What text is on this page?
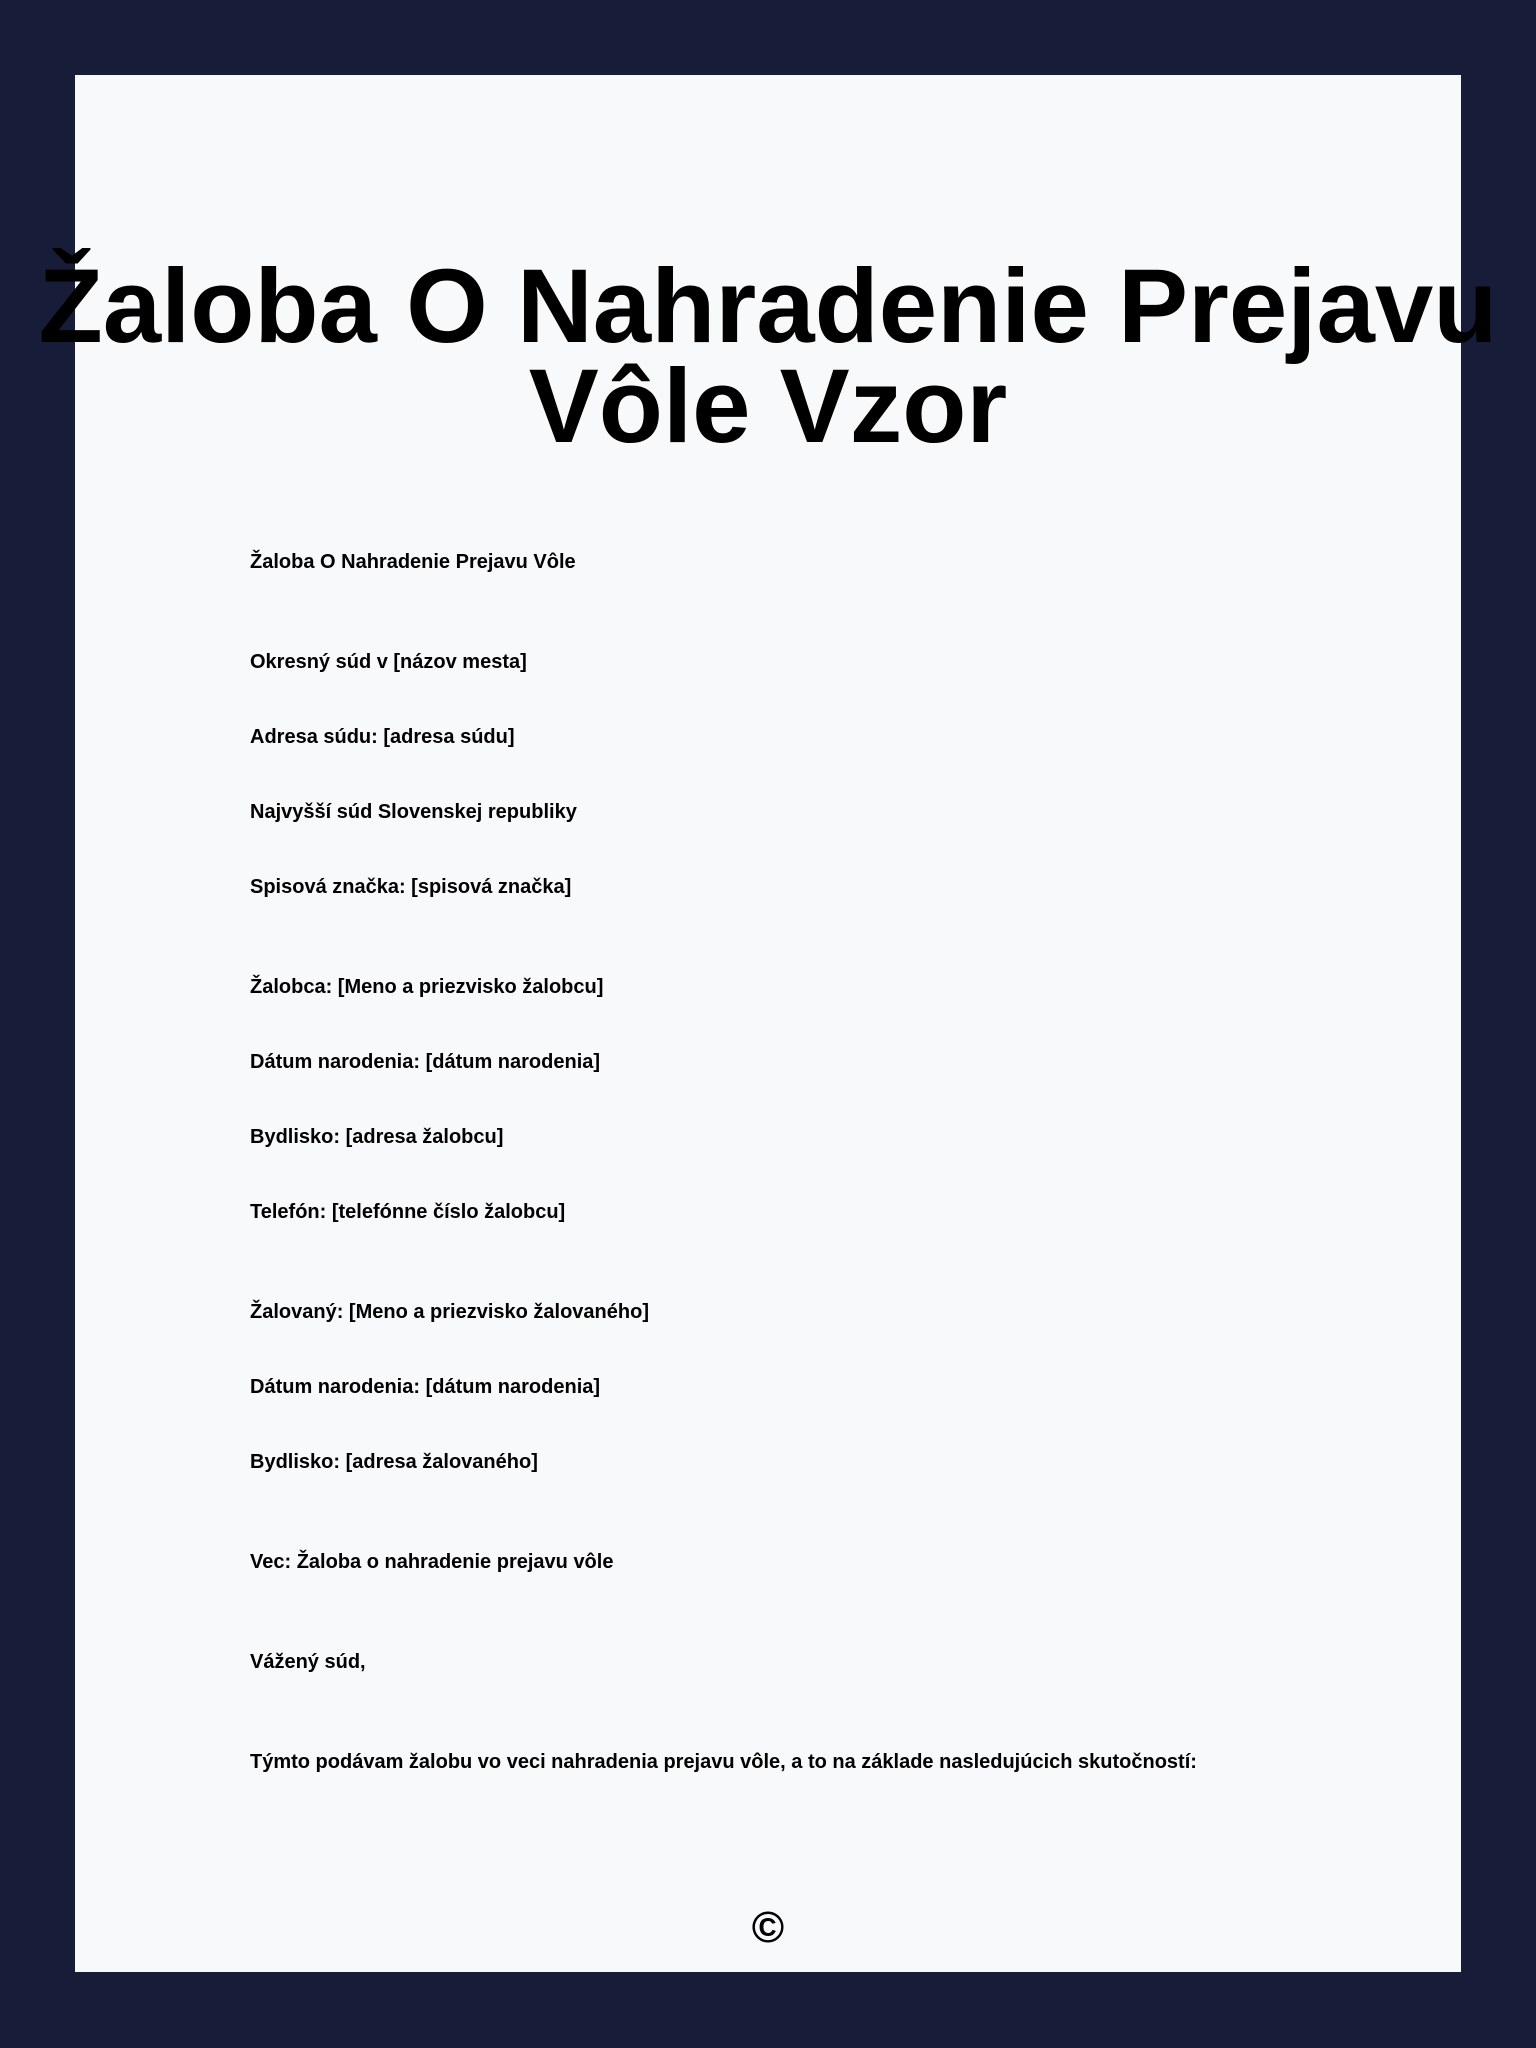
Žaloba O Nahradenie Prejavu
Vôle Vzor
Žaloba O Nahradenie Prejavu Vôle
Okresný súd v [názov mesta]
Adresa súdu: [adresa súdu]
Najvyšší súd Slovenskej republiky
Spisová značka: [spisová značka]
Žalobca: [Meno a priezvisko žalobcu]
Dátum narodenia: [dátum narodenia]
Bydlisko: [adresa žalobcu]
Telefón: [telefónne číslo žalobcu]
Žalovaný: [Meno a priezvisko žalovaného]
Dátum narodenia: [dátum narodenia]
Bydlisko: [adresa žalovaného]
Vec: Žaloba o nahradenie prejavu vôle
Vážený súd,
Týmto podávam žalobu vo veci nahradenia prejavu vôle, a to na základe nasledujúcich skutočností:
©
